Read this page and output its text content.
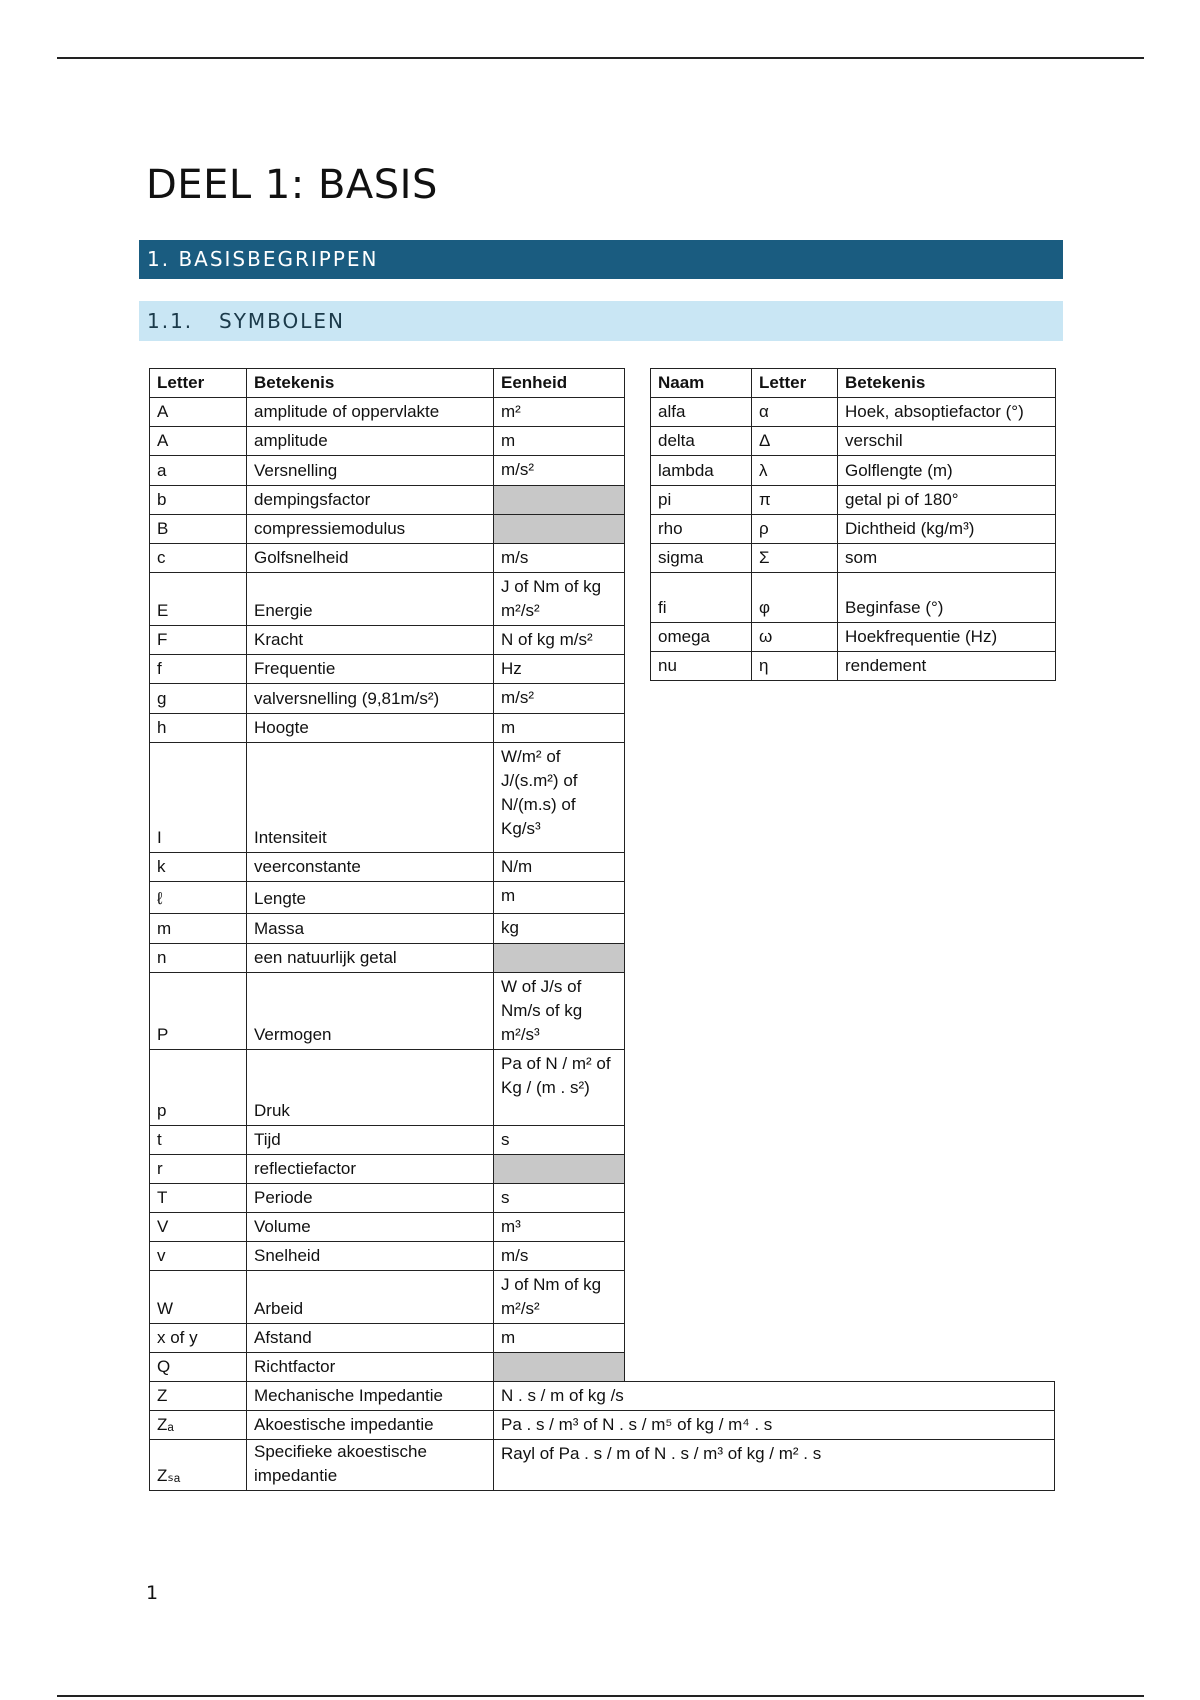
DEEL 1: BASIS
1. BASISBEGRIPPEN
1.1. SYMBOLEN
Letter	Betekenis	Eenheid	
A	amplitude of oppervlakte	m²	
A	amplitude	m	
a	Versnelling	m/s²	
b	dempingsfactor		
B	compressiemodulus		
c	Golfsnelheid	m/s	
E	Energie	J of Nm of kg m²/s²	
F	Kracht	N of kg m/s²	
f	Frequentie	Hz	
g	valversnelling (9,81m/s²)	m/s²	
h	Hoogte	m	
I	Intensiteit	W/m² of J/(s.m²) of N/(m.s) of Kg/s³	
k	veerconstante	N/m	
ℓ	Lengte	m	
m	Massa	kg	
n	een natuurlijk getal		
P	Vermogen	W of J/s of Nm/s of kg m²/s³	
p	Druk	Pa of N / m² of Kg / (m . s²)	
t	Tijd	s	
r	reflectiefactor		
T	Periode	s	
V	Volume	m³	
v	Snelheid	m/s	
W	Arbeid	J of Nm of kg m²/s²	
x of y	Afstand	m	
Q	Richtfactor		
Z	Mechanische Impedantie	N . s / m of kg /s	
Zₐ	Akoestische impedantie	Pa . s / m³ of N . s / m⁵ of kg / m⁴ . s	
Zₛₐ	Specifieke akoestische impedantie	Rayl of Pa . s / m of N . s / m³ of kg / m² . s	
Naam	Letter	Betekenis
alfa	α	Hoek, absoptiefactor (°)
delta	Δ	verschil
lambda	λ	Golflengte (m)
pi	π	getal pi of 180°
rho	ρ	Dichtheid (kg/m³)
sigma	Σ	som
fi	φ	Beginfase (°)
omega	ω	Hoekfrequentie (Hz)
nu	η	rendement
1
